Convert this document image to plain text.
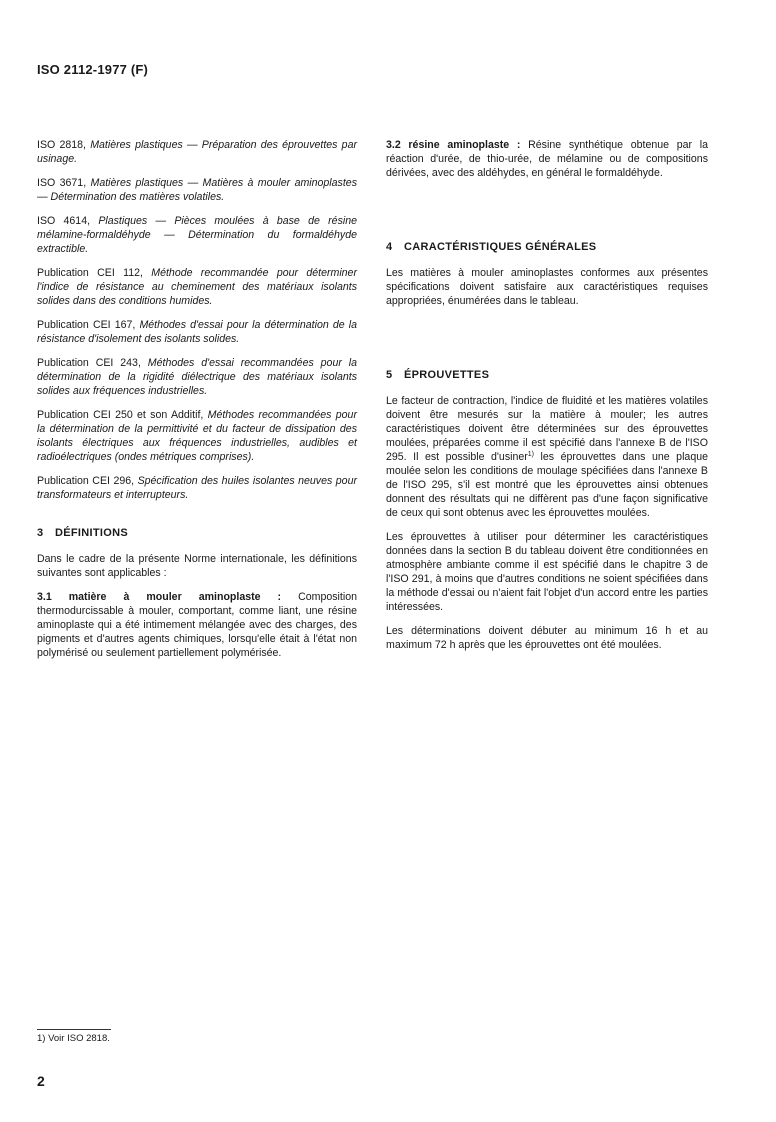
ISO 2112-1977 (F)

ISO 2818, Matières plastiques — Préparation des éprouvettes par usinage.

ISO 3671, Matières plastiques — Matières à mouler aminoplastes — Détermination des matières volatiles.

ISO 4614, Plastiques — Pièces moulées à base de résine mélamine-formaldéhyde — Détermination du formaldéhyde extractible.

Publication CEI 112, Méthode recommandée pour déterminer l'indice de résistance au cheminement des matériaux isolants solides dans des conditions humides.

Publication CEI 167, Méthodes d'essai pour la détermination de la résistance d'isolement des isolants solides.

Publication CEI 243, Méthodes d'essai recommandées pour la détermination de la rigidité diélectrique des matériaux isolants solides aux fréquences industrielles.

Publication CEI 250 et son Additif, Méthodes recommandées pour la détermination de la permittivité et du facteur de dissipation des isolants électriques aux fréquences industrielles, audibles et radioélectriques (ondes métriques comprises).

Publication CEI 296, Spécification des huiles isolantes neuves pour transformateurs et interrupteurs.

3 DÉFINITIONS

Dans le cadre de la présente Norme internationale, les définitions suivantes sont applicables :

3.1 matière à mouler aminoplaste : Composition thermodurcissable à mouler, comportant, comme liant, une résine aminoplaste qui a été intimement mélangée avec des charges, des pigments et d'autres agents chimiques, lorsqu'elle était à l'état non polymérisé ou seulement partiellement polymérisée.

3.2 résine aminoplaste : Résine synthétique obtenue par la réaction d'urée, de thio-urée, de mélamine ou de compositions dérivées, avec des aldéhydes, en général le formaldéhyde.

4 CARACTÉRISTIQUES GÉNÉRALES

Les matières à mouler aminoplastes conformes aux présentes spécifications doivent satisfaire aux caractéristiques requises appropriées, énumérées dans le tableau.

5 ÉPROUVETTES

Le facteur de contraction, l'indice de fluidité et les matières volatiles doivent être mesurés sur la matière à mouler; les autres caractéristiques doivent être déterminées sur des éprouvettes moulées, préparées comme il est spécifié dans l'annexe B de l'ISO 295. Il est possible d'usiner$^{1)}$ les éprouvettes dans une plaque moulée selon les conditions de moulage spécifiées dans l'annexe B de l'ISO 295, s'il est montré que les éprouvettes ainsi obtenues donnent des résultats qui ne diffèrent pas d'une façon significative de ceux qui sont obtenus avec les éprouvettes moulées.

Les éprouvettes à utiliser pour déterminer les caractéristiques données dans la section B du tableau doivent être conditionnées en atmosphère ambiante comme il est spécifié dans le chapitre 3 de l'ISO 291, à moins que d'autres conditions ne soient spécifiées dans la méthode d'essai ou n'aient fait l'objet d'un accord entre les parties intéressées.

Les déterminations doivent débuter au minimum 16 h et au maximum 72 h après que les éprouvettes ont été moulées.

1) Voir ISO 2818.

2
